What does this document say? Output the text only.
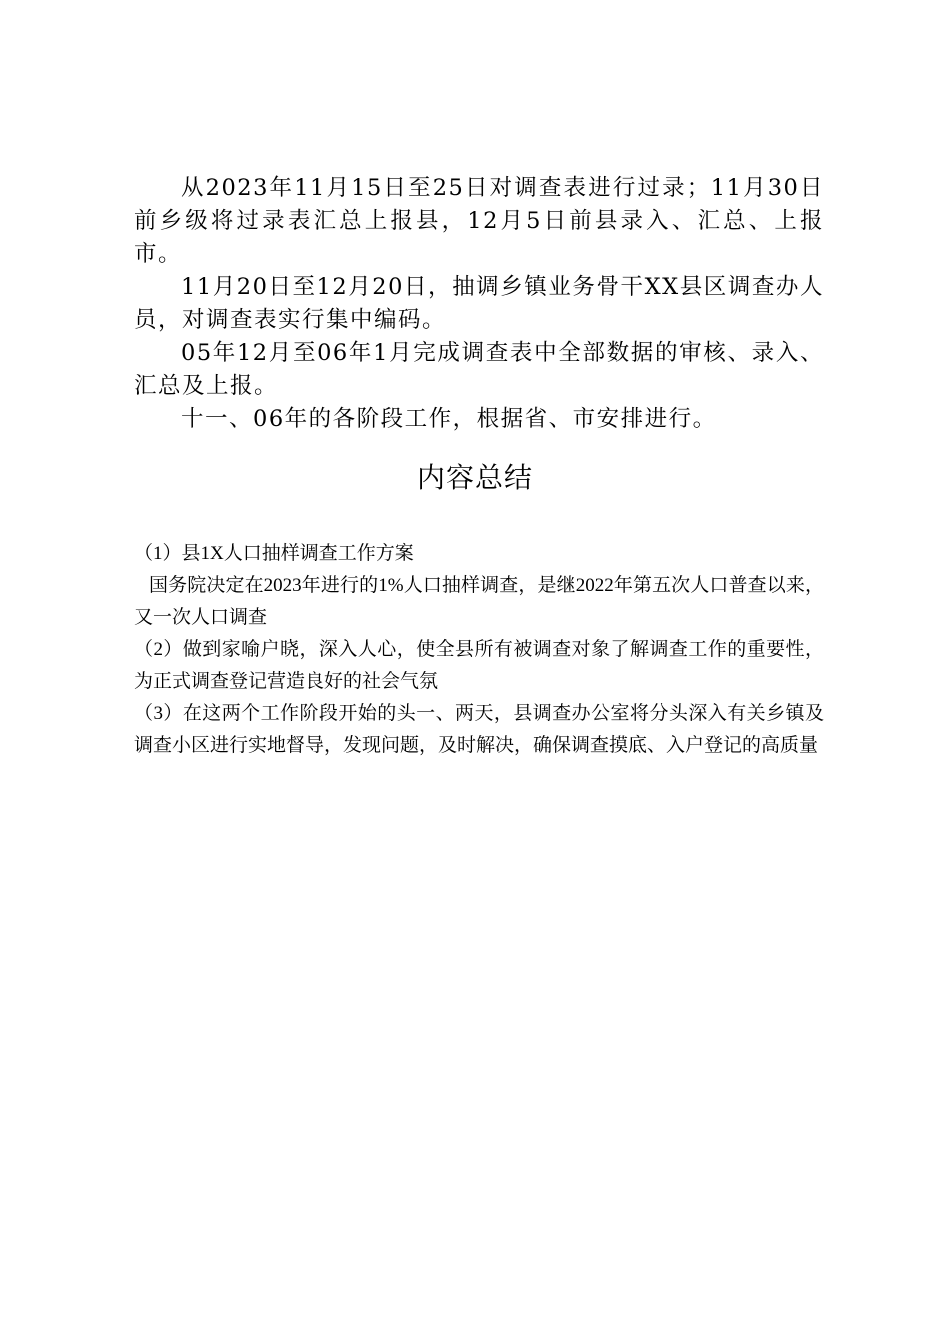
从2023年11月15日至25日对调查表进行过录；11月30日前乡级将过录表汇总上报县，12月5日前县录入、汇总、上报市。

11月20日至12月20日，抽调乡镇业务骨干XX县区调查办人员，对调查表实行集中编码。

05年12月至06年1月完成调查表中全部数据的审核、录入、汇总及上报。

十一、06年的各阶段工作，根据省、市安排进行。

内容总结

（1）县1X人口抽样调查工作方案

国务院决定在2023年进行的1%人口抽样调查，是继2022年第五次人口普查以来，又一次人口调查

（2）做到家喻户晓，深入人心，使全县所有被调查对象了解调查工作的重要性，为正式调查登记营造良好的社会气氛

（3）在这两个工作阶段开始的头一、两天，县调查办公室将分头深入有关乡镇及调查小区进行实地督导，发现问题，及时解决，确保调查摸底、入户登记的高质量
